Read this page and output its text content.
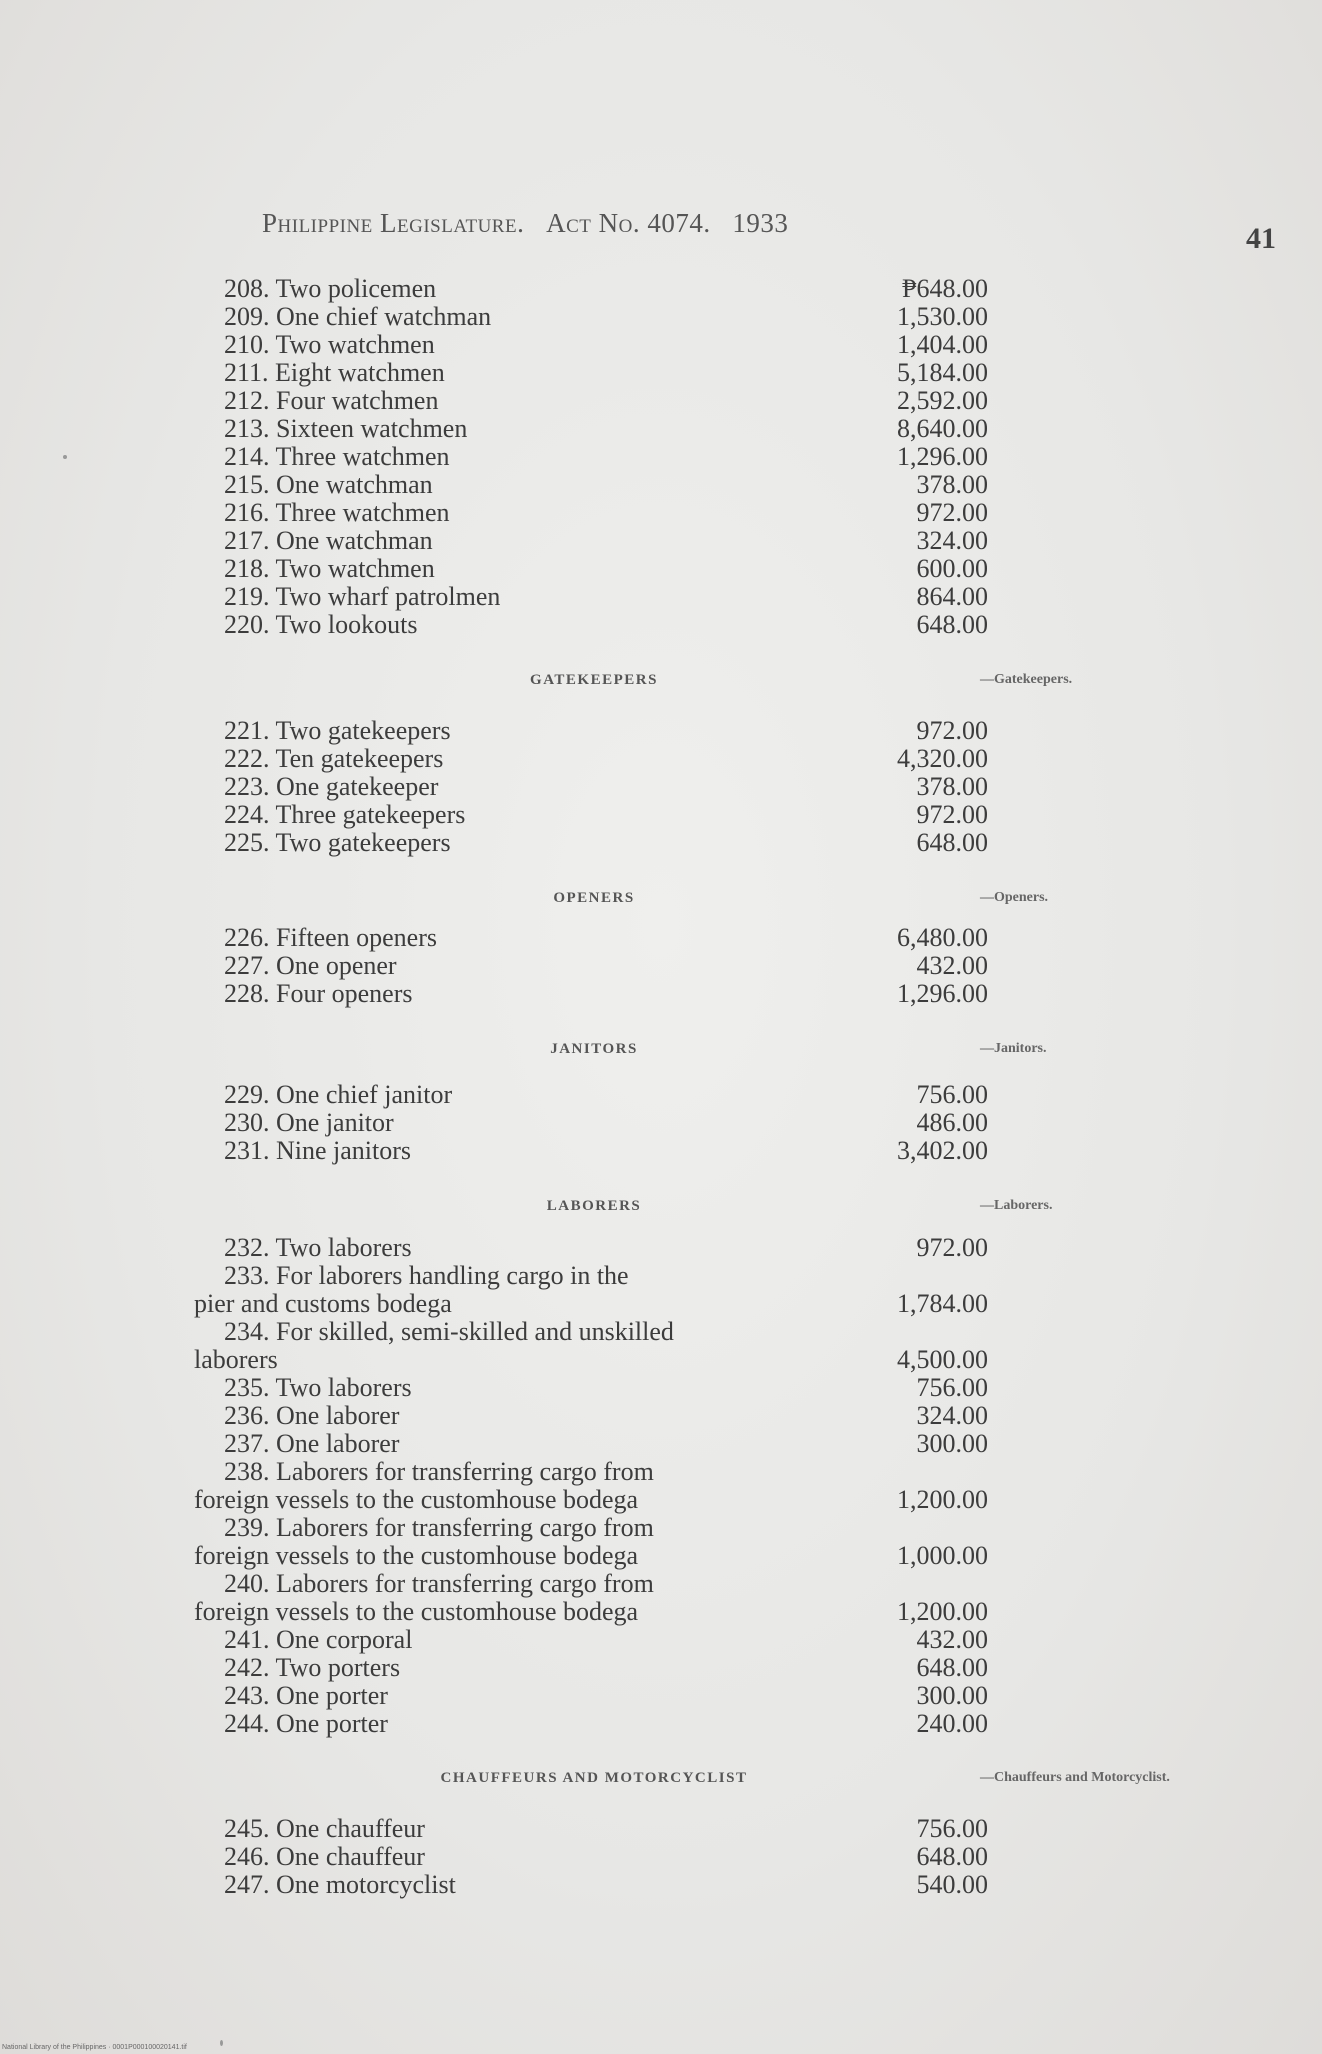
Philippine Legislature. Act No. 4074. 1933	41
208. Two policemen	₱648.00
209. One chief watchman	1,530.00
210. Two watchmen	1,404.00
211. Eight watchmen	5,184.00
212. Four watchmen	2,592.00
213. Sixteen watchmen	8,640.00
214. Three watchmen	1,296.00
215. One watchman	378.00
216. Three watchmen	972.00
217. One watchman	324.00
218. Two watchmen	600.00
219. Two wharf patrolmen	864.00
220. Two lookouts	648.00
GATEKEEPERS	—Gatekeepers.
221. Two gatekeepers	972.00
222. Ten gatekeepers	4,320.00
223. One gatekeeper	378.00
224. Three gatekeepers	972.00
225. Two gatekeepers	648.00
OPENERS	—Openers.
226. Fifteen openers	6,480.00
227. One opener	432.00
228. Four openers	1,296.00
JANITORS	—Janitors.
229. One chief janitor	756.00
230. One janitor	486.00
231. Nine janitors	3,402.00
LABORERS	—Laborers.
232. Two laborers	972.00
233. For laborers handling cargo in the
pier and customs bodega	1,784.00
234. For skilled, semi-skilled and unskilled
laborers	4,500.00
235. Two laborers	756.00
236. One laborer	324.00
237. One laborer	300.00
238. Laborers for transferring cargo from
foreign vessels to the customhouse bodega	1,200.00
239. Laborers for transferring cargo from
foreign vessels to the customhouse bodega	1,000.00
240. Laborers for transferring cargo from
foreign vessels to the customhouse bodega	1,200.00
241. One corporal	432.00
242. Two porters	648.00
243. One porter	300.00
244. One porter	240.00
CHAUFFEURS AND MOTORCYCLIST	—Chauffeurs and Motorcyclist.
245. One chauffeur	756.00
246. One chauffeur	648.00
247. One motorcyclist	540.00
National Library of the Philippines · 0001P000100020141.tif
